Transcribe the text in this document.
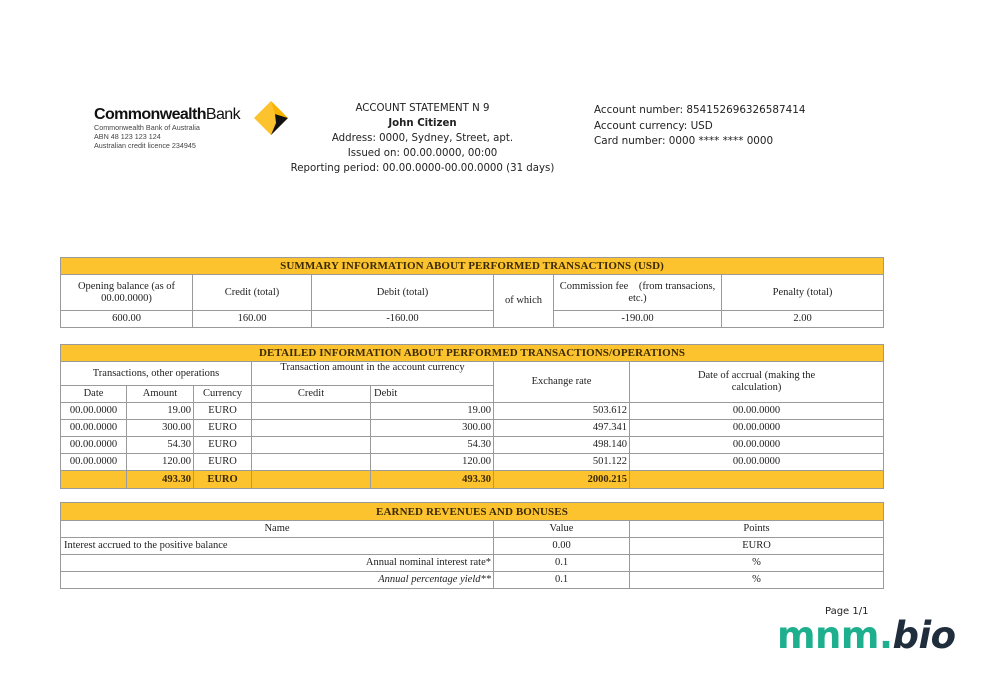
CommonwealthBank
Commonwealth Bank of Australia
ABN 48 123 123 124
Australian credit licence 234945
ACCOUNT STATEMENT N 9
John Citizen
Address: 0000, Sydney, Street, apt.
Issued on: 00.00.0000, 00:00
Reporting period: 00.00.0000-00.00.0000 (31 days)
Account number: 854152696326587414
Account currency: USD
Card number: 0000 **** **** 0000
SUMMARY INFORMATION ABOUT PERFORMED TRANSACTIONS (USD)					
Opening balance (as of 00.00.0000)	Credit (total)	Debit (total)	of which	Commission fee    (from transacions, etc.)	Penalty (total)
600.00	160.00	-160.00		-190.00	2.00
DETAILED INFORMATION ABOUT PERFORMED TRANSACTIONS/OPERATIONS						
Transactions, other operations			Transaction amount in the account currency		Exchange rate	Date of accrual (making the calculation)
Date	Amount	Currency	Credit	Debit		
00.00.0000	19.00	EURO		19.00	503.612	00.00.0000
00.00.0000	300.00	EURO		300.00	497.341	00.00.0000
00.00.0000	54.30	EURO		54.30	498.140	00.00.0000
00.00.0000	120.00	EURO		120.00	501.122	00.00.0000
	493.30	EURO		493.30	2000.215	
EARNED REVENUES AND BONUSES		
Name	Value	Points
Interest accrued to the positive balance	0.00	EURO
Annual nominal interest rate*	0.1	%
Annual percentage yield**	0.1	%
Page 1/1
mnm.bio
